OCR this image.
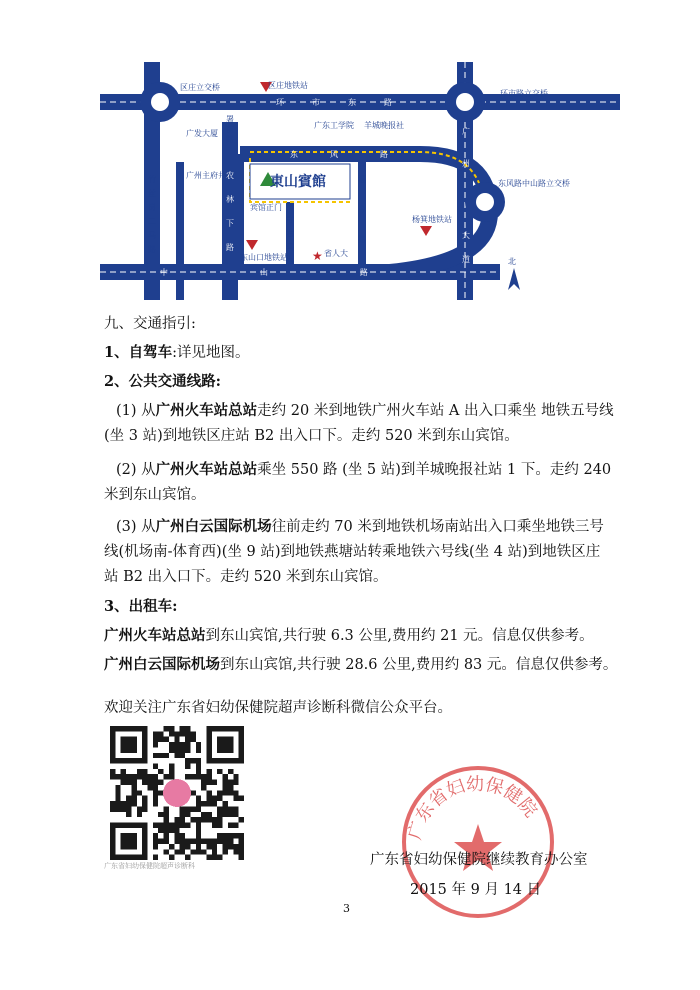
★
区庄立交桥	区庄地铁站
环市路立交桥
东风路中山路立交桥
广东工学院 羊城晚报社
广发大厦
东山口地铁站
杨箕地铁站
省人大
宾馆正门
广州主府井	東山賓館
环	市	东	路
东	风	路
中	山	路
农
林
下
路
广
州
大
道
竹
丝
岗
二
马
路
福
今
路
寺
右
马
路
署
前
路
北
九、交通指引:
1、自驾车:详见地图。
2、公共交通线路:
(1) 从广州火车站总站走约 20 米到地铁广州火车站 A 出入口乘坐 地铁五号线
(坐 3 站)到地铁区庄站 B2 出入口下。走约 520 米到东山宾馆。
(2) 从广州火车站总站乘坐 550 路 (坐 5 站)到羊城晚报社站 1 下。走约 240
米到东山宾馆。
(3) 从广州白云国际机场往前走约 70 米到地铁机场南站出入口乘坐地铁三号
线(机场南-体育西)(坐 9 站)到地铁燕塘站转乘地铁六号线(坐 4 站)到地铁区庄
站 B2 出入口下。走约 520 米到东山宾馆。
3、出租车:
广州火车站总站到东山宾馆,共行驶 6.3 公里,费用约 21 元。信息仅供参考。
广州白云国际机场到东山宾馆,共行驶 28.6 公里,费用约 83 元。信息仅供参考。
欢迎关注广东省妇幼保健院超声诊断科微信公众平台。
广东省妇幼保健院超声诊断科
广东省妇幼保健院
广东省妇幼保健院继续教育办公室
2015 年 9 月 14 日
3
